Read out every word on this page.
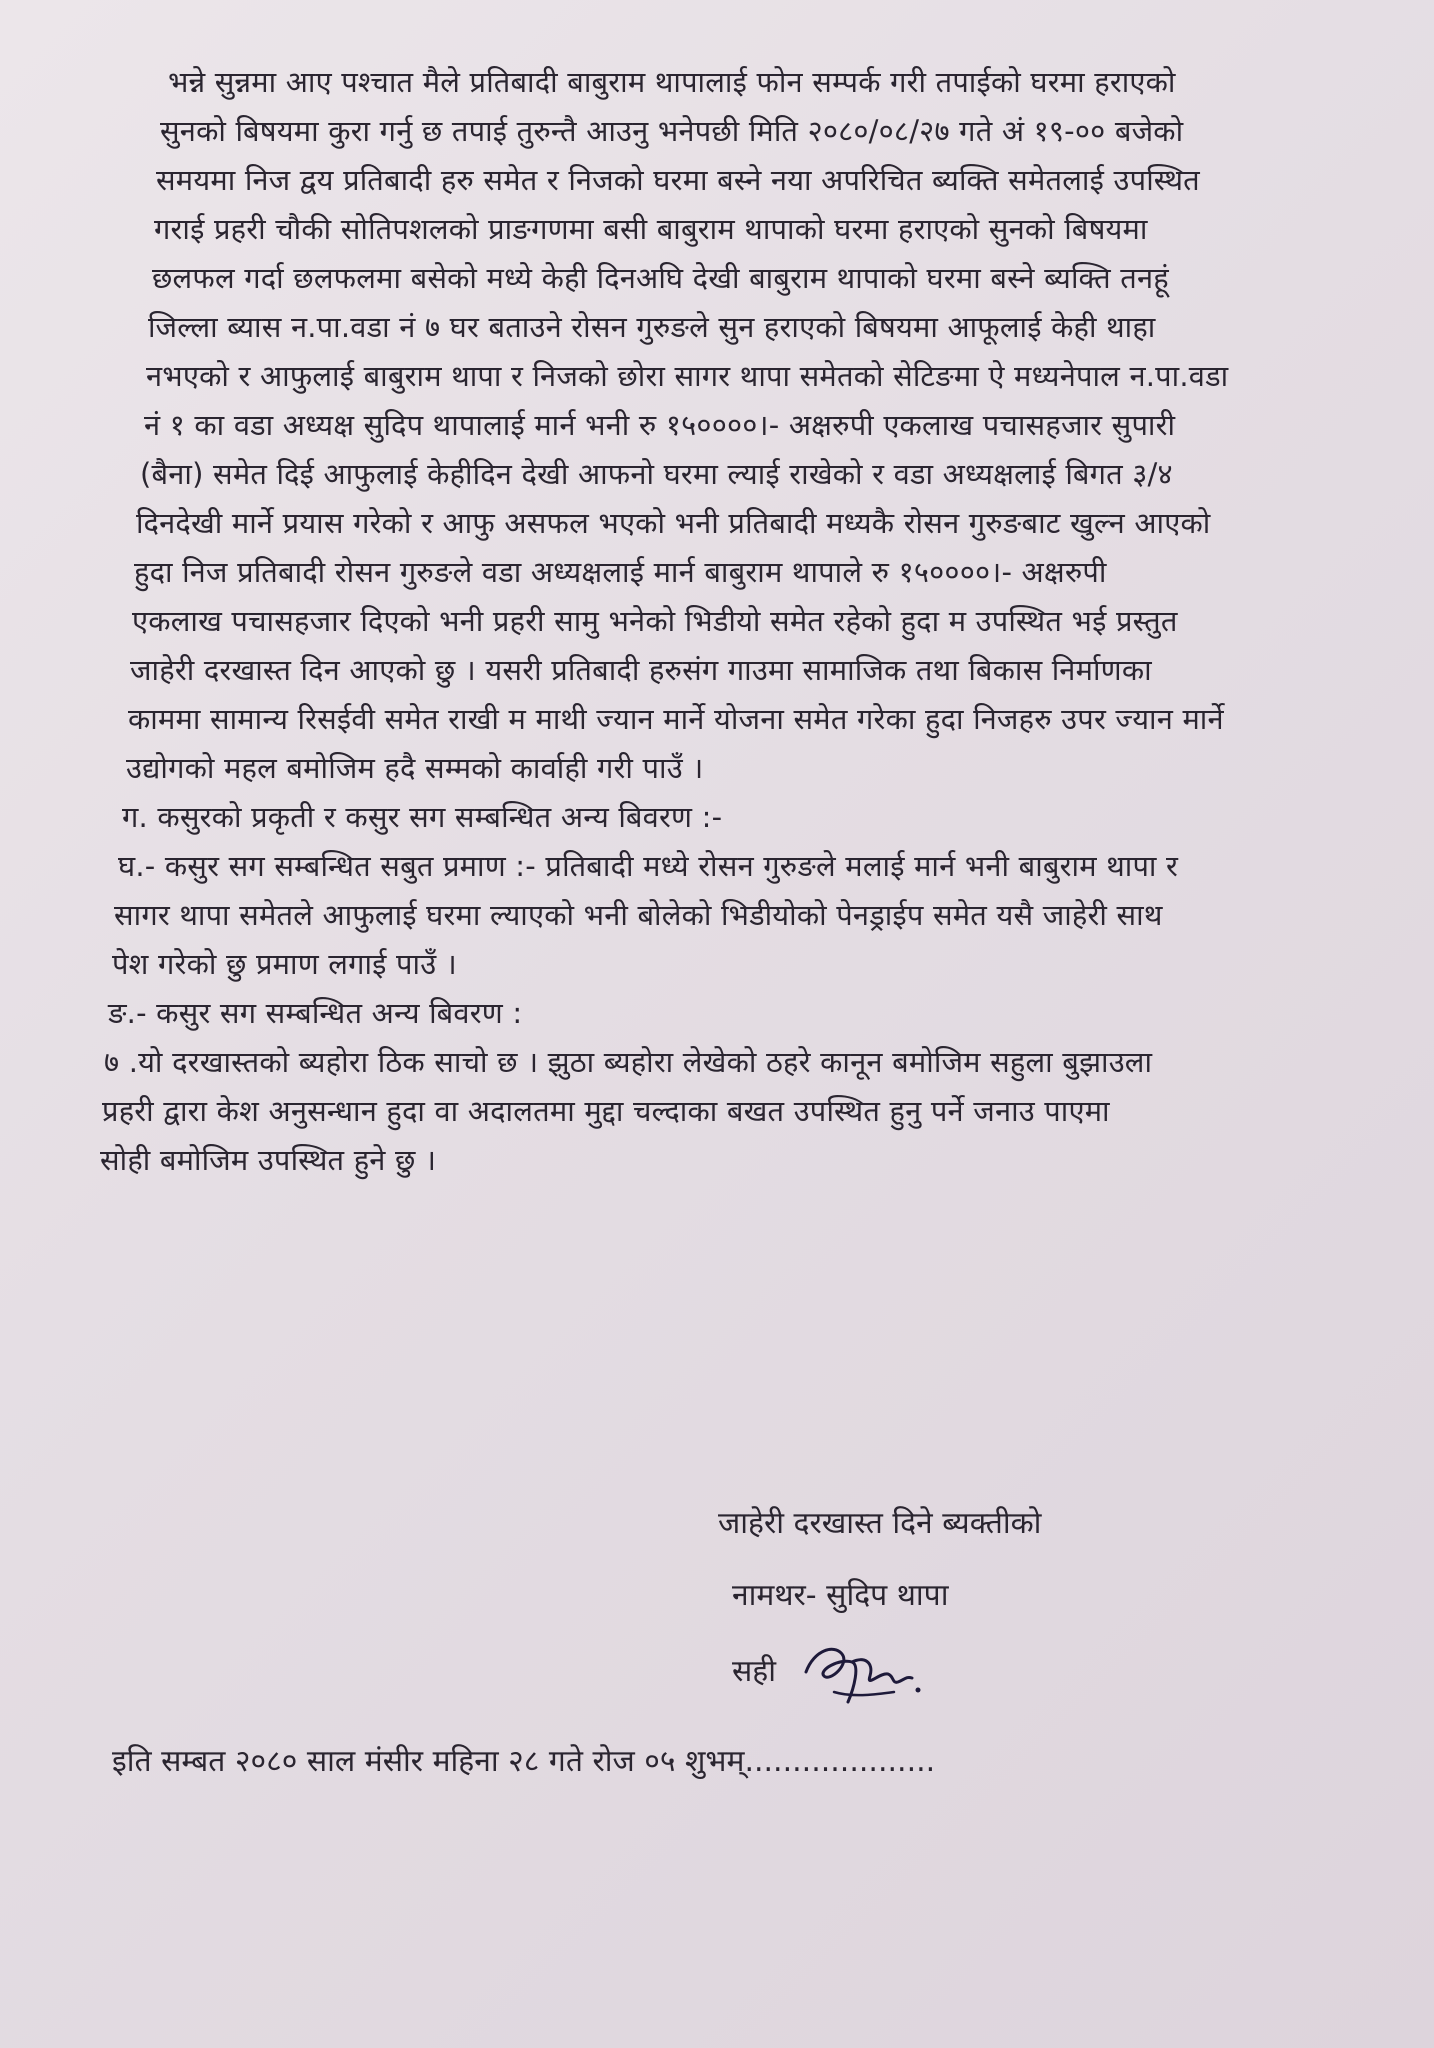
भन्ने सुन्नमा आए पश्चात मैले प्रतिबादी बाबुराम थापालाई फोन सम्पर्क गरी तपाईको घरमा हराएको
सुनको बिषयमा कुरा गर्नु छ तपाई तुरुन्तै आउनु भनेपछी मिति २०८०/०८/२७ गते अं १९-०० बजेको
समयमा निज द्वय प्रतिबादी हरु समेत र निजको घरमा बस्ने नया अपरिचित ब्यक्ति समेतलाई उपस्थित
गराई प्रहरी चौकी सोतिपशलको प्राङगणमा बसी बाबुराम थापाको घरमा हराएको सुनको बिषयमा
छलफल गर्दा छलफलमा बसेको मध्ये केही दिनअघि देखी बाबुराम थापाको घरमा बस्ने ब्यक्ति तनहूं
जिल्ला ब्यास न.पा.वडा नं ७ घर बताउने रोसन गुरुङले सुन हराएको बिषयमा आफूलाई केही थाहा
नभएको र आफुलाई बाबुराम थापा र निजको छोरा सागर थापा समेतको सेटिङमा ऐ मध्यनेपाल न.पा.वडा
नं १ का वडा अध्यक्ष सुदिप थापालाई मार्न भनी रु १५००००।- अक्षरुपी एकलाख पचासहजार सुपारी
(बैना) समेत दिई आफुलाई केहीदिन देखी आफनो घरमा ल्याई राखेको र वडा अध्यक्षलाई बिगत ३/४
दिनदेखी मार्ने प्रयास गरेको र आफु असफल भएको भनी प्रतिबादी मध्यकै रोसन गुरुङबाट खुल्न आएको
हुदा निज प्रतिबादी रोसन गुरुङले वडा अध्यक्षलाई मार्न बाबुराम थापाले रु १५००००।- अक्षरुपी
एकलाख पचासहजार दिएको भनी प्रहरी सामु भनेको भिडीयो समेत रहेको हुदा म उपस्थित भई प्रस्तुत
जाहेरी दरखास्त दिन आएको छु । यसरी प्रतिबादी हरुसंग गाउमा सामाजिक तथा बिकास निर्माणका
काममा सामान्य रिसईवी समेत राखी म माथी ज्यान मार्ने योजना समेत गरेका हुदा निजहरु उपर ज्यान मार्ने
उद्योगको महल बमोजिम हदै सम्मको कार्वाही गरी पाउँ ।
ग. कसुरको प्रकृती र कसुर सग सम्बन्धित अन्य बिवरण :-
घ.- कसुर सग सम्बन्धित सबुत प्रमाण :- प्रतिबादी मध्ये रोसन गुरुङले मलाई मार्न भनी बाबुराम थापा र
सागर थापा समेतले आफुलाई घरमा ल्याएको भनी बोलेको भिडीयोको पेनड्राईप समेत यसै जाहेरी साथ
पेश गरेको छु प्रमाण लगाई पाउँ ।
ङ.- कसुर सग सम्बन्धित अन्य बिवरण :
७ .यो दरखास्तको ब्यहोरा ठिक साचो छ । झुठा ब्यहोरा लेखेको ठहरे कानून बमोजिम सहुला बुझाउला
प्रहरी द्वारा केश अनुसन्धान हुदा वा अदालतमा मुद्दा चल्दाका बखत उपस्थित हुनु पर्ने जनाउ पाएमा
सोही बमोजिम उपस्थित हुने छु ।
जाहेरी दरखास्त दिने ब्यक्तीको
नामथर- सुदिप थापा
सही
इति सम्बत २०८० साल मंसीर महिना २८ गते रोज ०५ शुभम्....................
